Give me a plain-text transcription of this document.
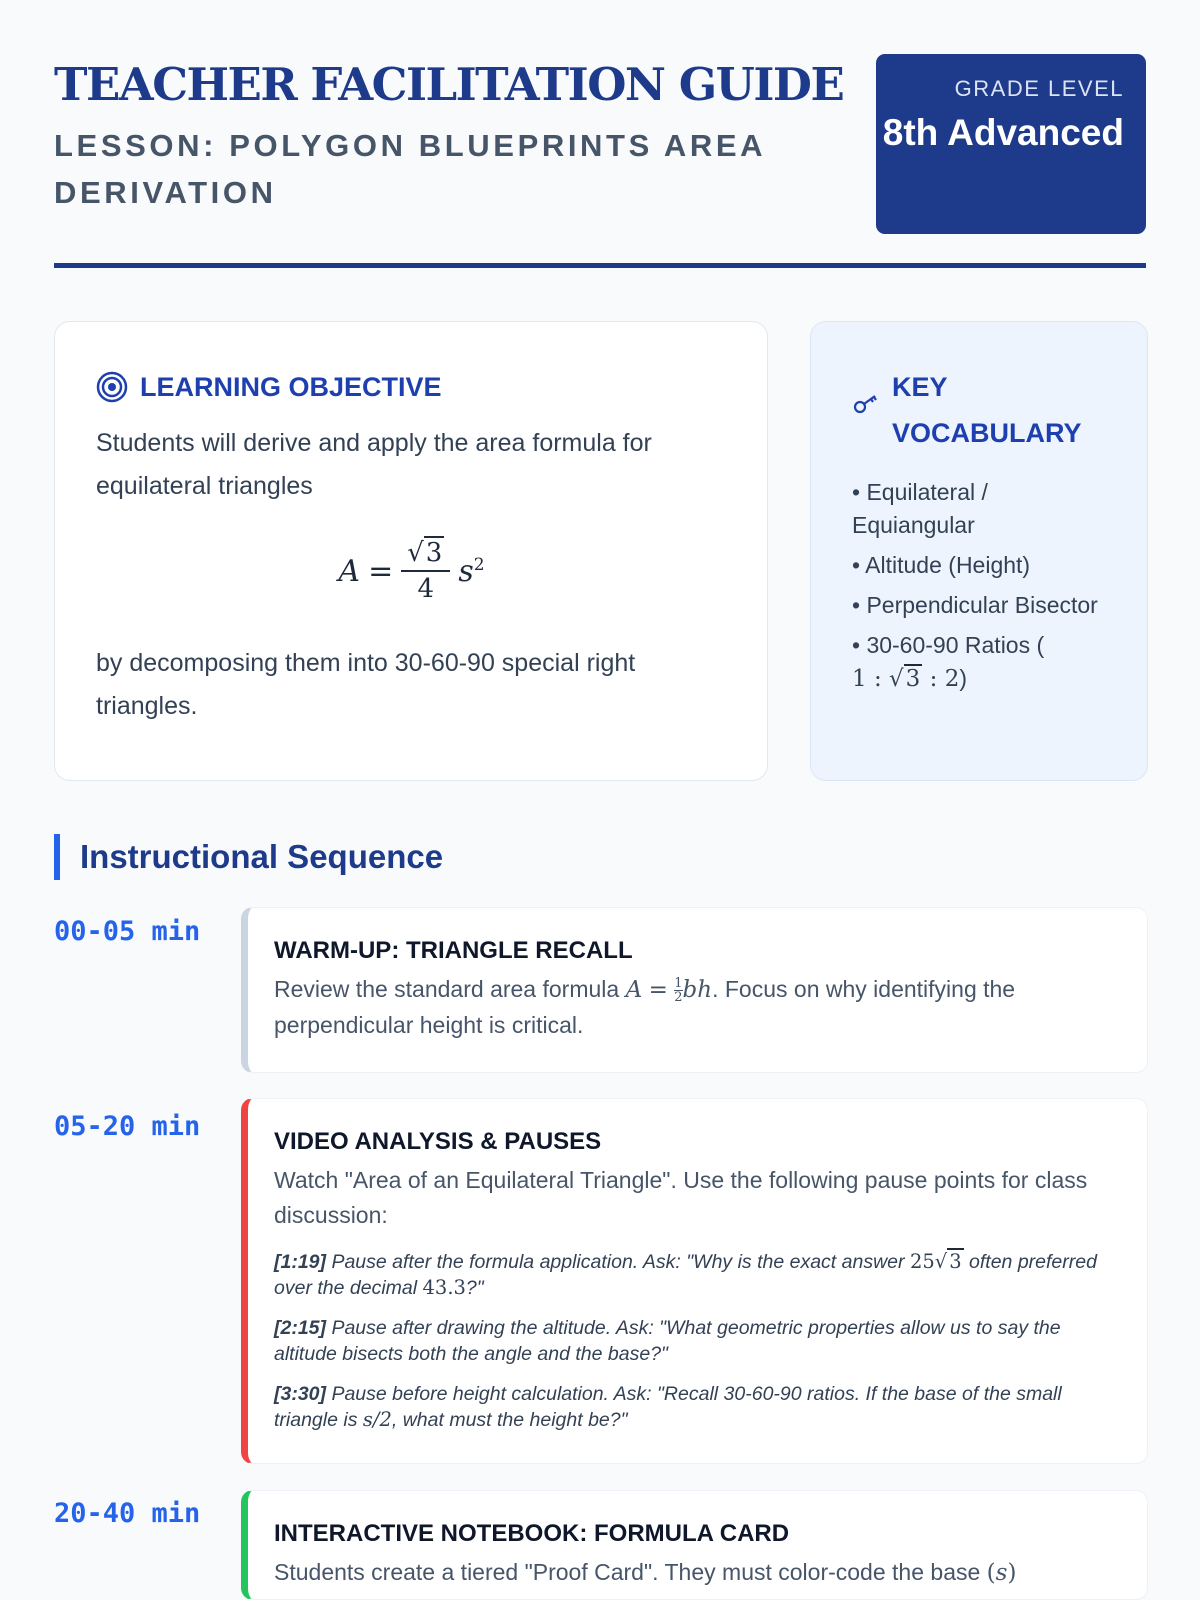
TEACHER FACILITATION GUIDE
LESSON: POLYGON BLUEPRINTS AREA DERIVATION
GRADE LEVEL
8th Advanced
LEARNING OBJECTIVE
Students will derive and apply the area formula for equilateral triangles
$A = \frac{√3}{4} s^2$
by decomposing them into 30-60-90 special right triangles.
KEY VOCABULARY
• Equilateral / Equiangular
• Altitude (Height)
• Perpendicular Bisector
• 30-60-90 Ratios (
1 : √3 : 2)
Instructional Sequence
00-05 min
WARM-UP: TRIANGLE RECALL
Review the standard area formula $A = \frac{1}{2}$ bh. Focus on why identifying the perpendicular height is critical.
05-20 min	VIDEO ANALYSIS & PAUSES
Watch "Area of an Equilateral Triangle". Use the following pause points for class discussion:
[1:19] Pause after the formula application. Ask: "Why is the exact answer 25√ 3 often preferred over the decimal 43.3?"
[2:15] Pause after drawing the altitude. Ask: "What geometric properties allow us to say the altitude bisects both the angle and the base?"
[3:30] Pause before height calculation. Ask: "Recall 30-60-90 ratios. If the base of the small triangle is s/2, what must the height be?"
20-40 min
INTERACTIVE NOTEBOOK: FORMULA CARD
Students create a tiered "Proof Card". They must color-code the base (s)
